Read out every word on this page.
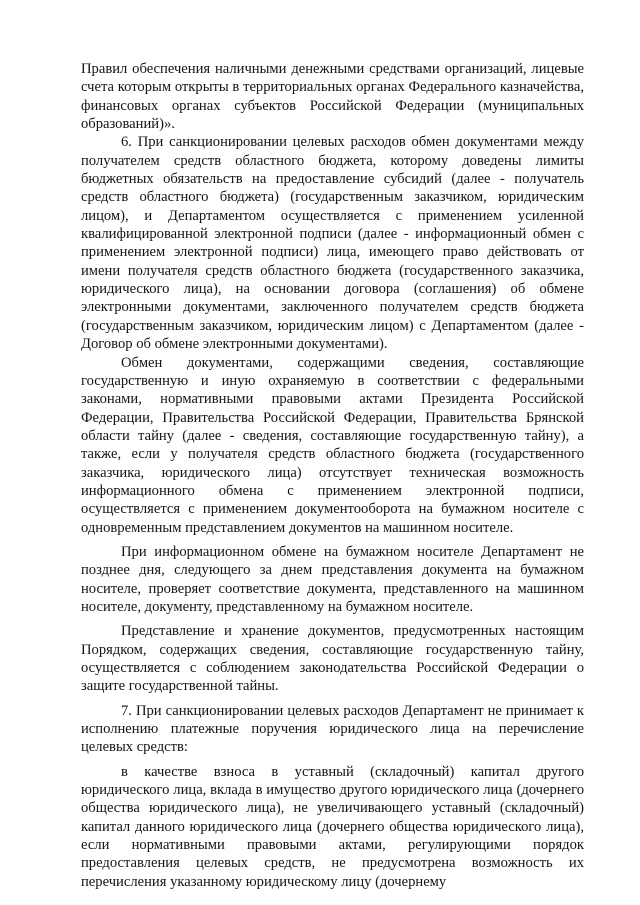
Правил обеспечения наличными денежными средствами организаций, лицевые счета которым открыты в территориальных органах Федерального казначейства, финансовых органах субъектов Российской Федерации (муниципальных образований)».

6. При санкционировании целевых расходов обмен документами между получателем средств областного бюджета, которому доведены лимиты бюджетных обязательств на предоставление субсидий (далее - получатель средств областного бюджета) (государственным заказчиком, юридическим лицом), и Департаментом осуществляется с применением усиленной квалифицированной электронной подписи (далее - информационный обмен с применением электронной подписи) лица, имеющего право действовать от имени получателя средств областного бюджета (государственного заказчика, юридического лица), на основании договора (соглашения) об обмене электронными документами, заключенного получателем средств бюджета (государственным заказчиком, юридическим лицом) с Департаментом (далее - Договор об обмене электронными документами).

Обмен документами, содержащими сведения, составляющие государственную и иную охраняемую в соответствии с федеральными законами, нормативными правовыми актами Президента Российской Федерации, Правительства Российской Федерации, Правительства Брянской области тайну (далее - сведения, составляющие государственную тайну), а также, если у получателя средств областного бюджета (государственного заказчика, юридического лица) отсутствует техническая возможность информационного обмена с применением электронной подписи, осуществляется с применением документооборота на бумажном носителе с одновременным представлением документов на машинном носителе.

При информационном обмене на бумажном носителе Департамент не позднее дня, следующего за днем представления документа на бумажном носителе, проверяет соответствие документа, представленного на машинном носителе, документу, представленному на бумажном носителе.

Представление и хранение документов, предусмотренных настоящим Порядком, содержащих сведения, составляющие государственную тайну, осуществляется с соблюдением законодательства Российской Федерации о защите государственной тайны.

7. При санкционировании целевых расходов Департамент не принимает к исполнению платежные поручения юридического лица на перечисление целевых средств:

в качестве взноса в уставный (складочный) капитал другого юридического лица, вклада в имущество другого юридического лица (дочернего общества юридического лица), не увеличивающего уставный (складочный) капитал данного юридического лица (дочернего общества юридического лица), если нормативными правовыми актами, регулирующими порядок предоставления целевых средств, не предусмотрена возможность их перечисления указанному юридическому лицу (дочернему
